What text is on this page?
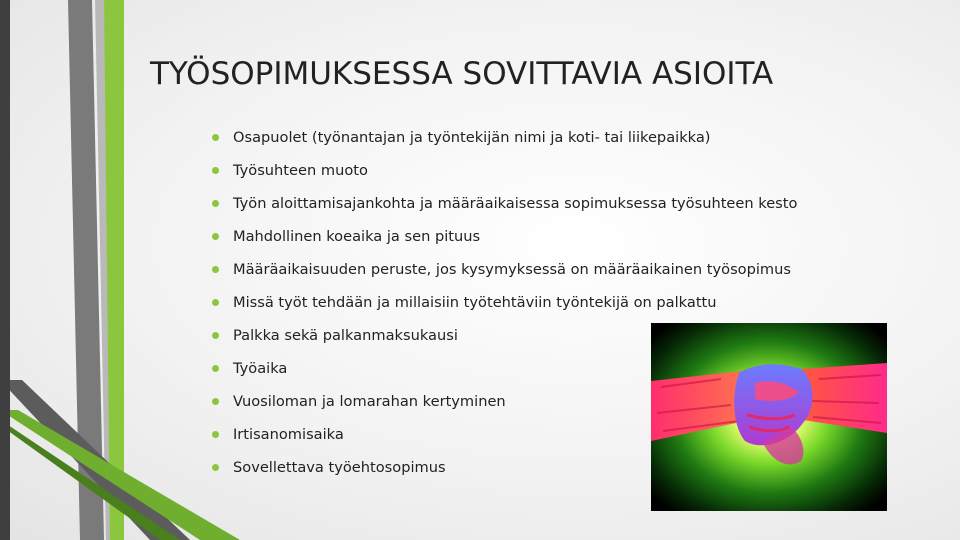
TYÖSOPIMUKSESSA SOVITTAVIA ASIOITA
Osapuolet (työnantajan ja työntekijän nimi ja koti- tai liikepaikka)
Työsuhteen muoto
Työn aloittamisajankohta ja määräaikaisessa sopimuksessa työsuhteen kesto
Mahdollinen koeaika ja sen pituus
Määräaikaisuuden peruste, jos kysymyksessä on määräaikainen työsopimus
Missä työt tehdään ja millaisiin työtehtäviin työntekijä on palkattu
Palkka sekä palkanmaksukausi
Työaika
Vuosiloman ja lomarahan kertyminen
Irtisanomisaika
Sovellettava työehtosopimus
